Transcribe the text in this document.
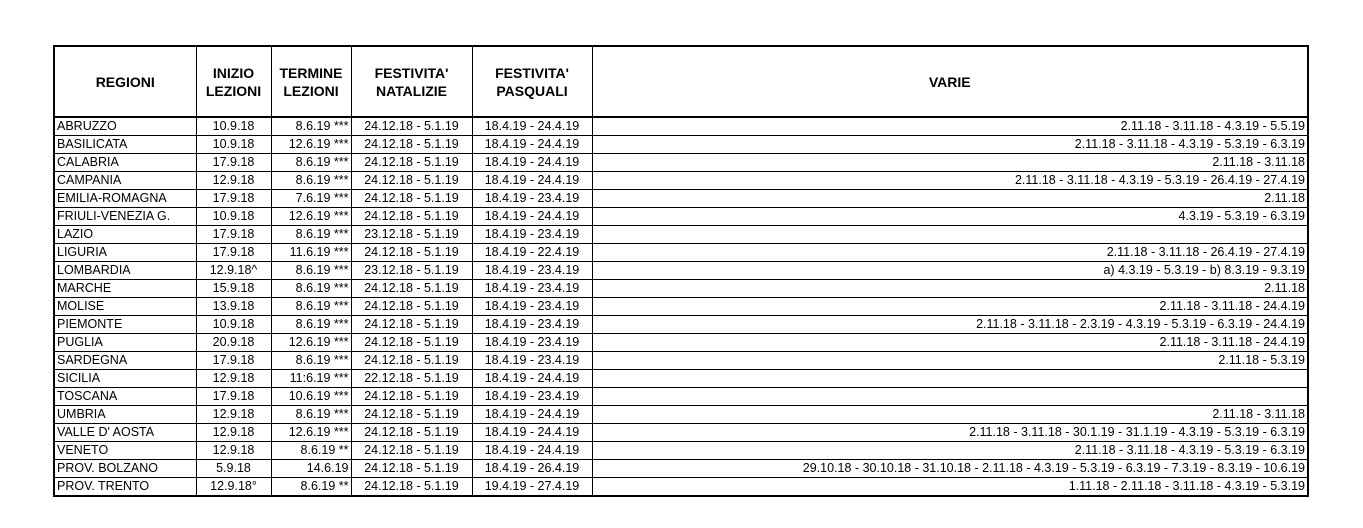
REGIONI	INIZIO LEZIONI	TERMINE LEZIONI	FESTIVITA' NATALIZIE	FESTIVITA' PASQUALI	VARIE
ABRUZZO	10.9.18	8.6.19 ***	24.12.18 - 5.1.19	18.4.19 - 24.4.19	2.11.18 - 3.11.18 - 4.3.19 - 5.5.19
BASILICATA	10.9.18	12.6.19 ***	24.12.18 - 5.1.19	18.4.19 - 24.4.19	2.11.18 - 3.11.18 - 4.3.19 - 5.3.19 - 6.3.19
CALABRIA	17.9.18	8.6.19 ***	24.12.18 - 5.1.19	18.4.19 - 24.4.19	2.11.18 - 3.11.18
CAMPANIA	12.9.18	8.6.19 ***	24.12.18 - 5.1.19	18.4.19 - 24.4.19	2.11.18 - 3.11.18 - 4.3.19 - 5.3.19 - 26.4.19 - 27.4.19
EMILIA-ROMAGNA	17.9.18	7.6.19 ***	24.12.18 - 5.1.19	18.4.19 - 23.4.19	2.11.18
FRIULI-VENEZIA G.	10.9.18	12.6.19 ***	24.12.18 - 5.1.19	18.4.19 - 24.4.19	4.3.19 - 5.3.19 - 6.3.19
LAZIO	17.9.18	8.6.19 ***	23.12.18 - 5.1.19	18.4.19 - 23.4.19	
LIGURIA	17.9.18	11.6.19 ***	24.12.18 - 5.1.19	18.4.19 - 22.4.19	2.11.18 - 3.11.18 - 26.4.19 - 27.4.19
LOMBARDIA	12.9.18^	8.6.19 ***	23.12.18 - 5.1.19	18.4.19 - 23.4.19	a) 4.3.19 - 5.3.19 - b) 8.3.19 - 9.3.19
MARCHE	15.9.18	8.6.19 ***	24.12.18 - 5.1.19	18.4.19 - 23.4.19	2.11.18
MOLISE	13.9.18	8.6.19 ***	24.12.18 - 5.1.19	18.4.19 - 23.4.19	2.11.18 - 3.11.18 - 24.4.19
PIEMONTE	10.9.18	8.6.19 ***	24.12.18 - 5.1.19	18.4.19 - 23.4.19	2.11.18 - 3.11.18 - 2.3.19 - 4.3.19 - 5.3.19 - 6.3.19 - 24.4.19
PUGLIA	20.9.18	12.6.19 ***	24.12.18 - 5.1.19	18.4.19 - 23.4.19	2.11.18 - 3.11.18 - 24.4.19
SARDEGNA	17.9.18	8.6.19 ***	24.12.18 - 5.1.19	18.4.19 - 23.4.19	2.11.18 - 5.3.19
SICILIA	12.9.18	11:6.19 ***	22.12.18 - 5.1.19	18.4.19 - 24.4.19	
TOSCANA	17.9.18	10.6.19 ***	24.12.18 - 5.1.19	18.4.19 - 23.4.19	
UMBRIA	12.9.18	8.6.19 ***	24.12.18 - 5.1.19	18.4.19 - 24.4.19	2.11.18 - 3.11.18
VALLE D' AOSTA	12.9.18	12.6.19 ***	24.12.18 - 5.1.19	18.4.19 - 24.4.19	2.11.18 - 3.11.18 - 30.1.19 - 31.1.19 - 4.3.19 - 5.3.19 - 6.3.19
VENETO	12.9.18	8.6.19 **	24.12.18 - 5.1.19	18.4.19 - 24.4.19	2.11.18 - 3.11.18 - 4.3.19 - 5.3.19 - 6.3.19
PROV. BOLZANO	5.9.18	14.6.19	24.12.18 - 5.1.19	18.4.19 - 26.4.19	29.10.18 - 30.10.18 - 31.10.18 - 2.11.18 - 4.3.19 - 5.3.19 - 6.3.19 - 7.3.19 - 8.3.19 - 10.6.19
PROV. TRENTO	12.9.18°	8.6.19 **	24.12.18 - 5.1.19	19.4.19 - 27.4.19	1.11.18 - 2.11.18 - 3.11.18 - 4.3.19 - 5.3.19
